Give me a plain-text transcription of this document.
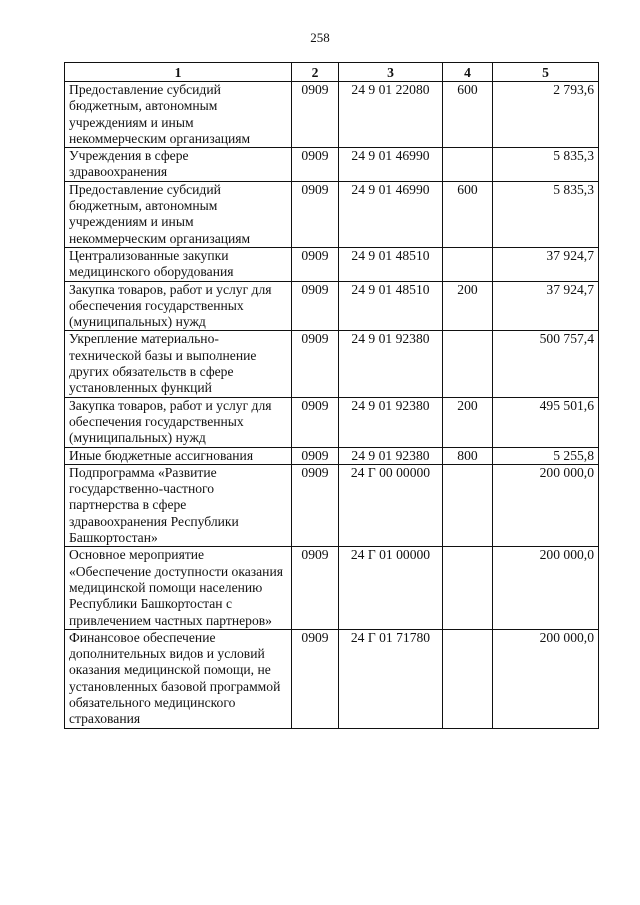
258
1	2	3	4	5
Предоставление субсидий бюджетным, автономным учреждениям и иным некоммерческим организациям	0909	24 9 01 22080	600	2 793,6
Учреждения в сфере здравоохранения	0909	24 9 01 46990		5 835,3
Предоставление субсидий бюджетным, автономным учреждениям и иным некоммерческим организациям	0909	24 9 01 46990	600	5 835,3
Централизованные закупки медицинского оборудования	0909	24 9 01 48510		37 924,7
Закупка товаров, работ и услуг для обеспечения государственных (муниципальных) нужд	0909	24 9 01 48510	200	37 924,7
Укрепление материально-технической базы и выполнение других обязательств в сфере установленных функций	0909	24 9 01 92380		500 757,4
Закупка товаров, работ и услуг для обеспечения государственных (муниципальных) нужд	0909	24 9 01 92380	200	495 501,6
Иные бюджетные ассигнования	0909	24 9 01 92380	800	5 255,8
Подпрограмма «Развитие государственно-частного партнерства в сфере здравоохранения Республики Башкортостан»	0909	24 Г 00 00000		200 000,0
Основное мероприятие «Обеспечение доступности оказания медицинской помощи населению Республики Башкортостан с привлечением частных партнеров»	0909	24 Г 01 00000		200 000,0
Финансовое обеспечение дополнительных видов и условий оказания медицинской помощи, не установленных базовой программой обязательного медицинского страхования	0909	24 Г 01 71780		200 000,0
